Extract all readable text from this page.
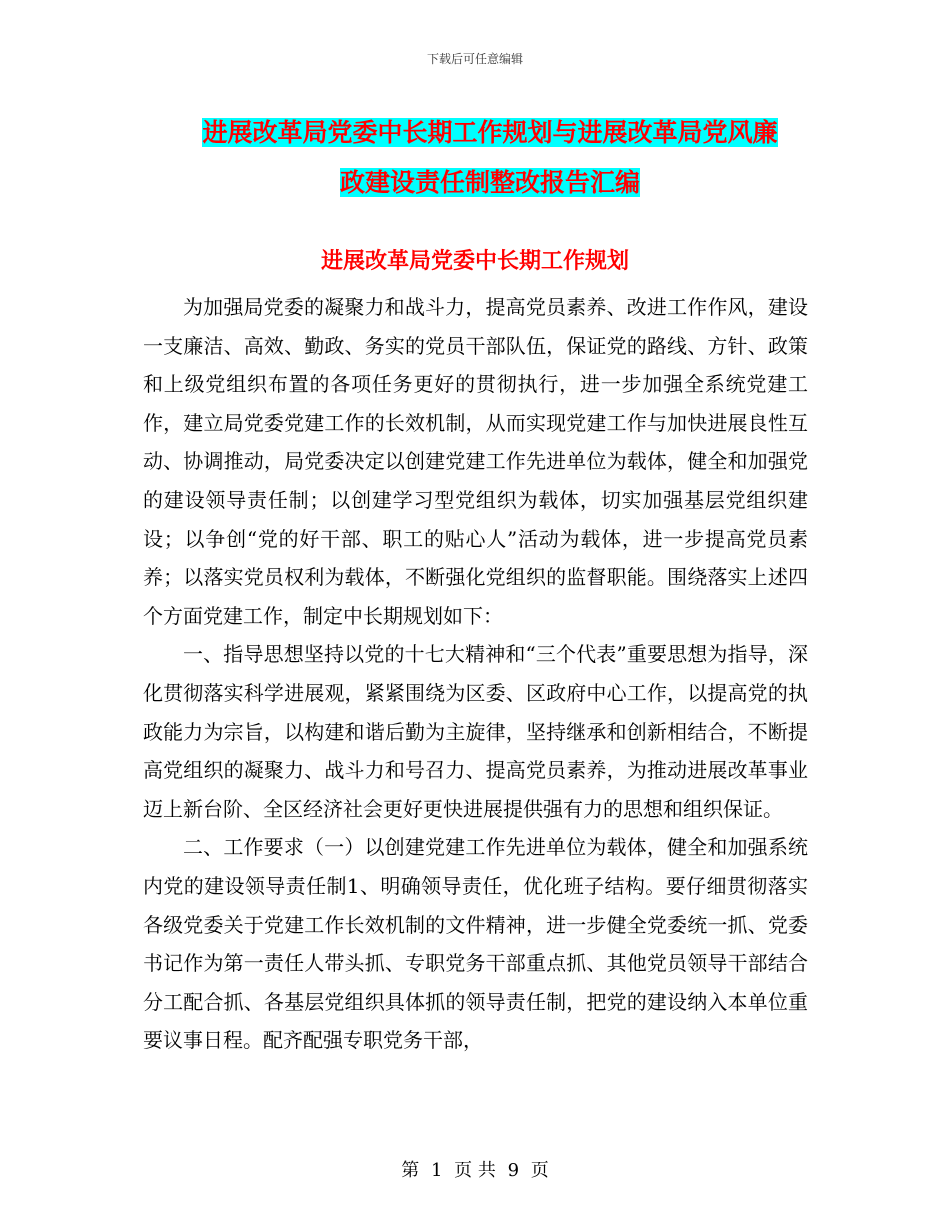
下载后可任意编辑
进展改革局党委中长期工作规划与进展改革局党风廉
政建设责任制整改报告汇编
进展改革局党委中长期工作规划

为加强局党委的凝聚力和战斗力，提高党员素养、改进工作作风，建设一支廉洁、高效、勤政、务实的党员干部队伍，保证党的路线、方针、政策和上级党组织布置的各项任务更好的贯彻执行，进一步加强全系统党建工作，建立局党委党建工作的长效机制，从而实现党建工作与加快进展良性互动、协调推动，局党委决定以创建党建工作先进单位为载体，健全和加强党的建设领导责任制；以创建学习型党组织为载体，切实加强基层党组织建设；以争创“党的好干部、职工的贴心人”活动为载体，进一步提高党员素养；以落实党员权利为载体，不断强化党组织的监督职能。围绕落实上述四个方面党建工作，制定中长期规划如下：

一、指导思想坚持以党的十七大精神和“三个代表”重要思想为指导，深化贯彻落实科学进展观，紧紧围绕为区委、区政府中心工作，以提高党的执政能力为宗旨，以构建和谐后勤为主旋律，坚持继承和创新相结合，不断提高党组织的凝聚力、战斗力和号召力、提高党员素养，为推动进展改革事业迈上新台阶、全区经济社会更好更快进展提供强有力的思想和组织保证。

二、工作要求（一）以创建党建工作先进单位为载体，健全和加强系统内党的建设领导责任制1、明确领导责任，优化班子结构。要仔细贯彻落实各级党委关于党建工作长效机制的文件精神，进一步健全党委统一抓、党委书记作为第一责任人带头抓、专职党务干部重点抓、其他党员领导干部结合分工配合抓、各基层党组织具体抓的领导责任制，把党的建设纳入本单位重要议事日程。配齐配强专职党务干部，

第 1 页 共 9 页
